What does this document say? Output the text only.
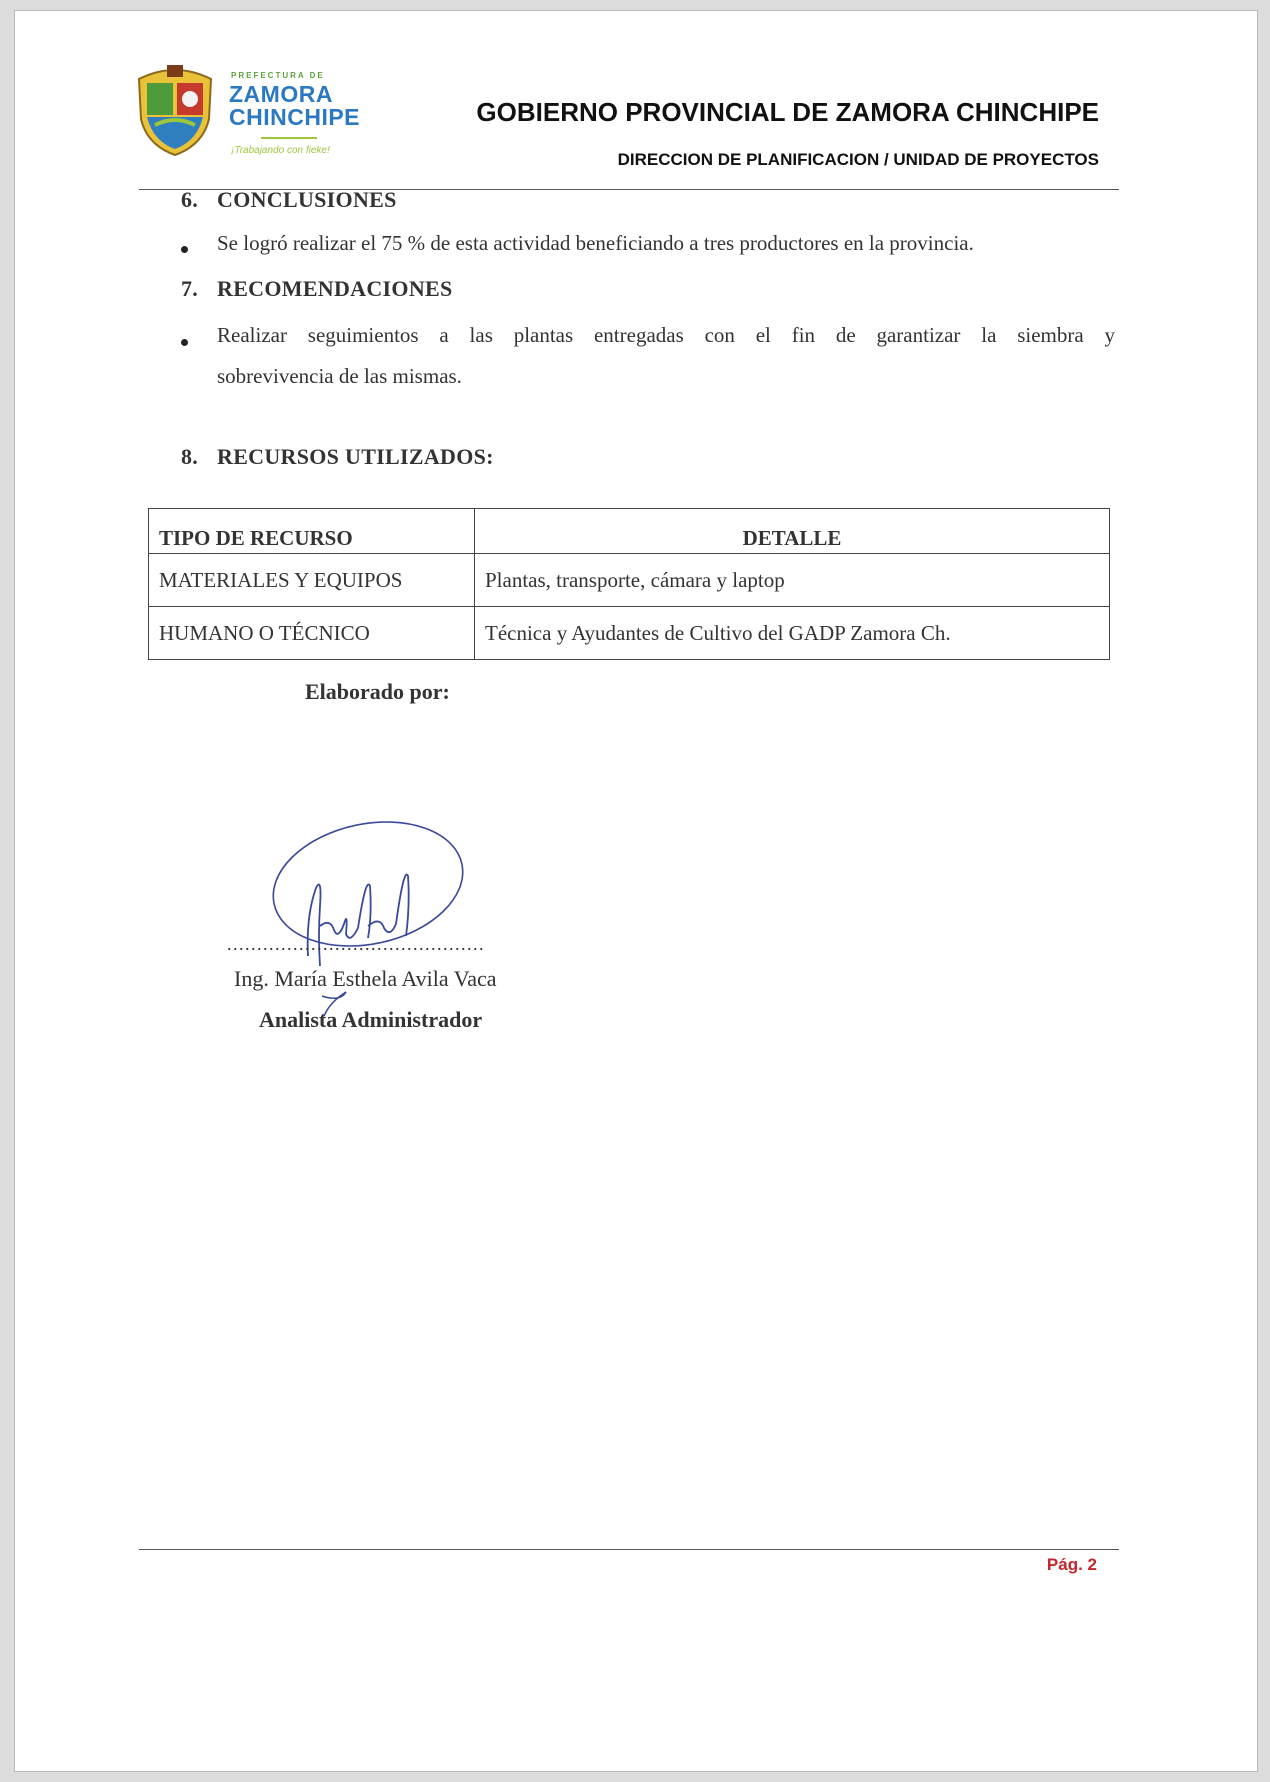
PREFECTURA DE
ZAMORA
CHINCHIPE
¡Trabajando con fieke!
GOBIERNO PROVINCIAL DE ZAMORA CHINCHIPE
DIRECCION DE PLANIFICACION / UNIDAD DE PROYECTOS
6. CONCLUSIONES
Se logró realizar el 75 % de esta actividad beneficiando a tres productores en la provincia.
7. RECOMENDACIONES
Realizar seguimientos a las plantas entregadas con el fin de garantizar la siembra y
sobrevivencia de las mismas.
8. RECURSOS UTILIZADOS:
TIPO DE RECURSO	DETALLE
MATERIALES Y EQUIPOS	Plantas, transporte, cámara y laptop
HUMANO O TÉCNICO	Técnica y Ayudantes de Cultivo del GADP Zamora Ch.
Elaborado por:
...........................................
Ing. María Esthela Avila Vaca
Analista Administrador
Pág. 2
